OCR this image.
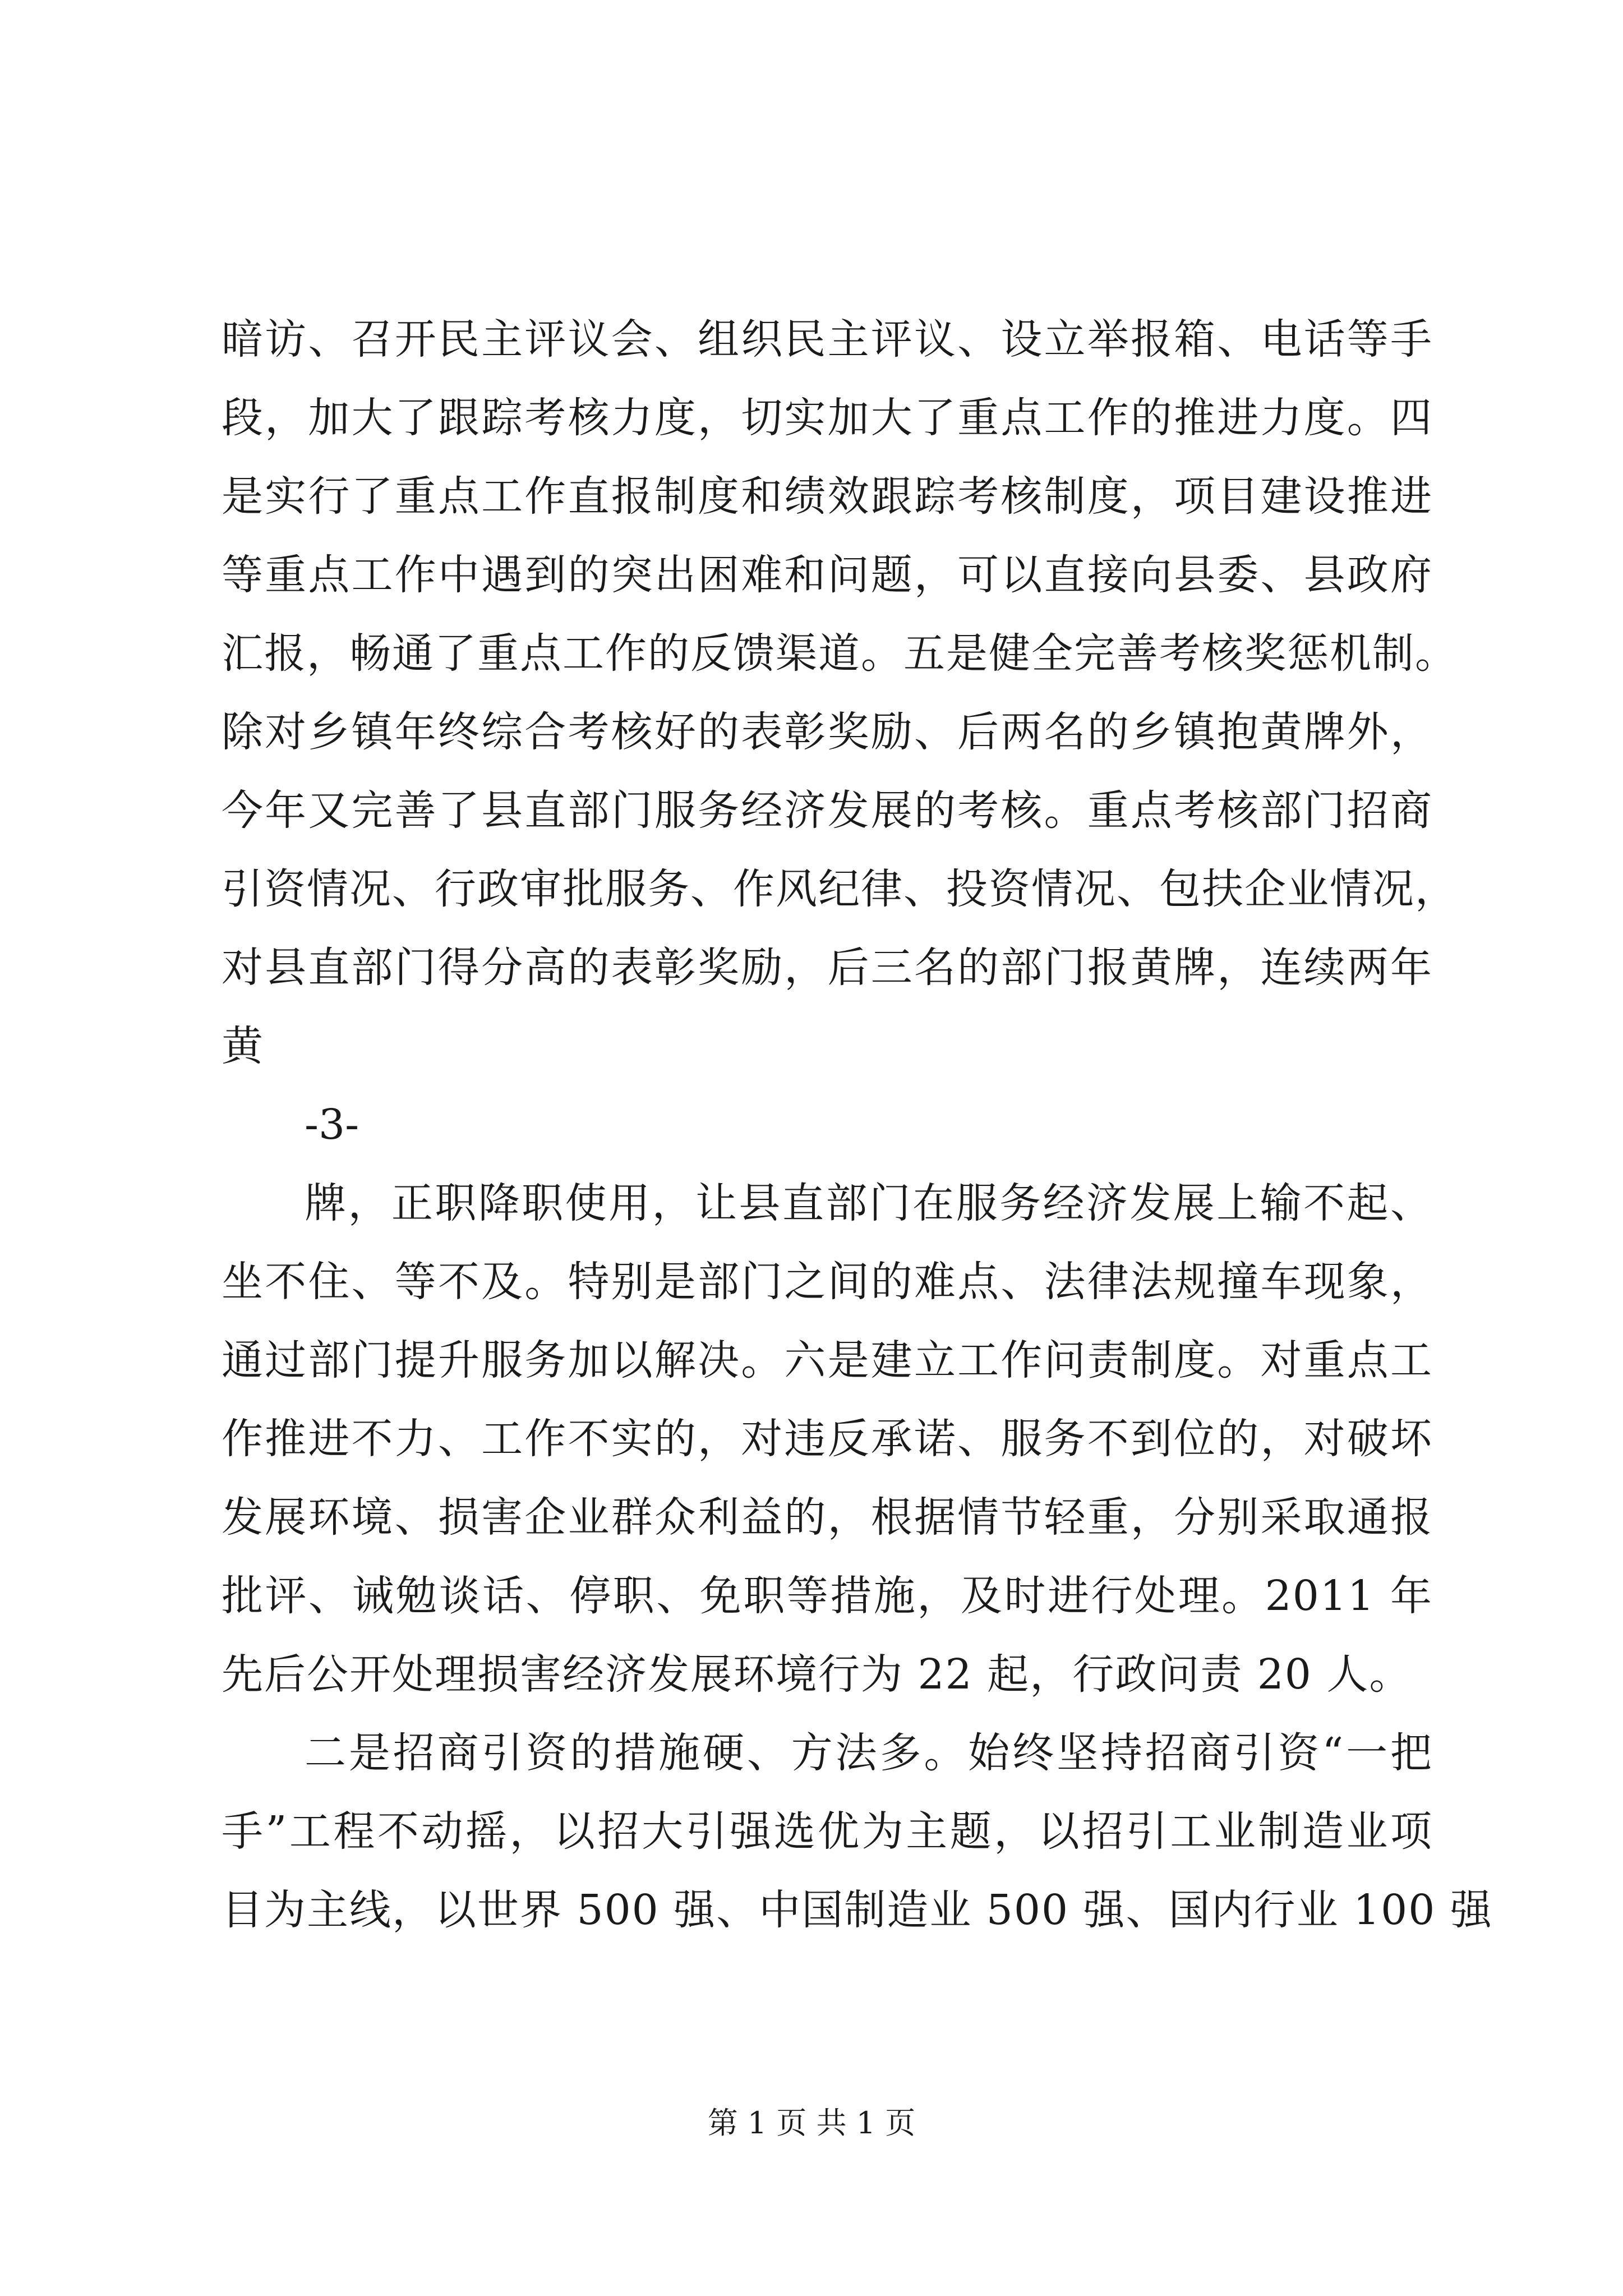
暗访、召开民主评议会、组织民主评议、设立举报箱、电话等手
段，加大了跟踪考核力度，切实加大了重点工作的推进力度。四
是实行了重点工作直报制度和绩效跟踪考核制度，项目建设推进
等重点工作中遇到的突出困难和问题，可以直接向县委、县政府
汇报，畅通了重点工作的反馈渠道。五是健全完善考核奖惩机制。
除对乡镇年终综合考核好的表彰奖励、后两名的乡镇抱黄牌外，
今年又完善了县直部门服务经济发展的考核。重点考核部门招商
引资情况、行政审批服务、作风纪律、投资情况、包扶企业情况，
对县直部门得分高的表彰奖励，后三名的部门报黄牌，连续两年
黄
-3-
牌，正职降职使用，让县直部门在服务经济发展上输不起、
坐不住、等不及。特别是部门之间的难点、法律法规撞车现象，
通过部门提升服务加以解决。六是建立工作问责制度。对重点工
作推进不力、工作不实的，对违反承诺、服务不到位的，对破坏
发展环境、损害企业群众利益的，根据情节轻重，分别采取通报
批评、诫勉谈话、停职、免职等措施，及时进行处理。2011 年
先后公开处理损害经济发展环境行为 22 起，行政问责 20 人。
二是招商引资的措施硬、方法多。始终坚持招商引资“一把
手”工程不动摇，以招大引强选优为主题，以招引工业制造业项
目为主线，以世界 500 强、中国制造业 500 强、国内行业 100 强
第 1 页 共 1 页
